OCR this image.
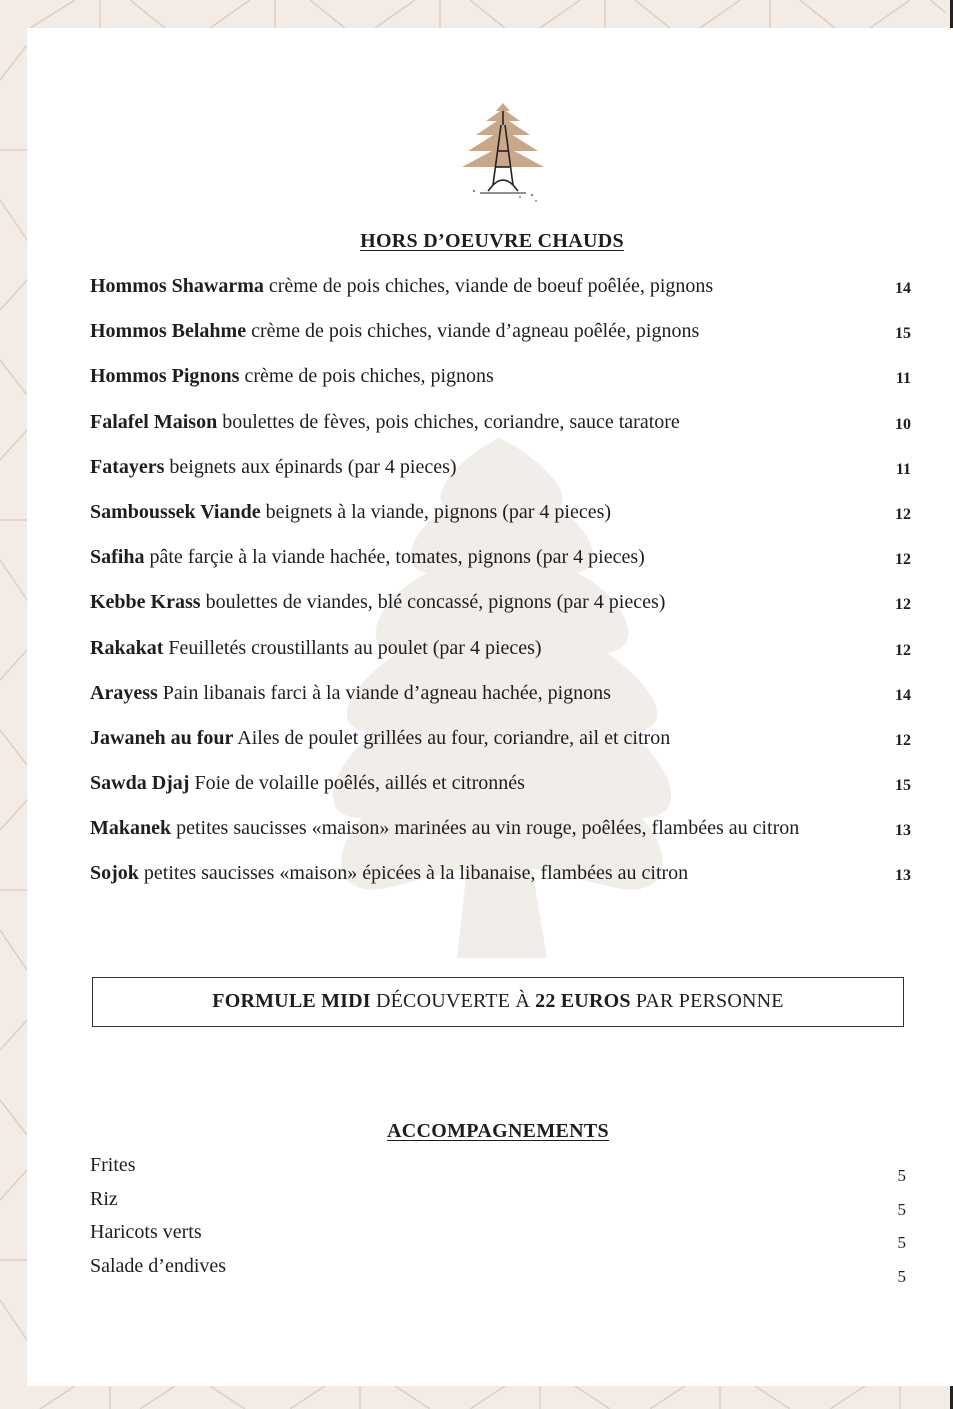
HORS D’OEUVRE CHAUDS
Hommos Shawarma crème de pois chiches, viande de boeuf poêlée, pignons	14
Hommos Belahme crème de pois chiches, viande d’agneau poêlée, pignons	15
Hommos Pignons crème de pois chiches, pignons	11
Falafel Maison boulettes de fèves, pois chiches, coriandre, sauce taratore	10
Fatayers beignets aux épinards (par 4 pieces)	11
Samboussek Viande beignets à la viande, pignons (par 4 pieces)	12
Safiha pâte farçie à la viande hachée, tomates, pignons (par 4 pieces)	12
Kebbe Krass boulettes de viandes, blé concassé, pignons (par 4 pieces)	12
Rakakat Feuilletés croustillants au poulet (par 4 pieces)	12
Arayess Pain libanais farci à la viande d’agneau hachée, pignons	14
Jawaneh au four Ailes de poulet grillées au four, coriandre, ail et citron	12
Sawda Djaj Foie de volaille poêlés, aillés et citronnés	15
Makanek petites saucisses «maison» marinées au vin rouge, poêlées, flambées au citron	13
Sojok petites saucisses «maison» épicées à la libanaise, flambées au citron	13
FORMULE MIDI DÉCOUVERTE À 22 EUROS PAR PERSONNE
ACCOMPAGNEMENTS
Frites	5
Riz	5
Haricots verts	5
Salade d’endives	5
